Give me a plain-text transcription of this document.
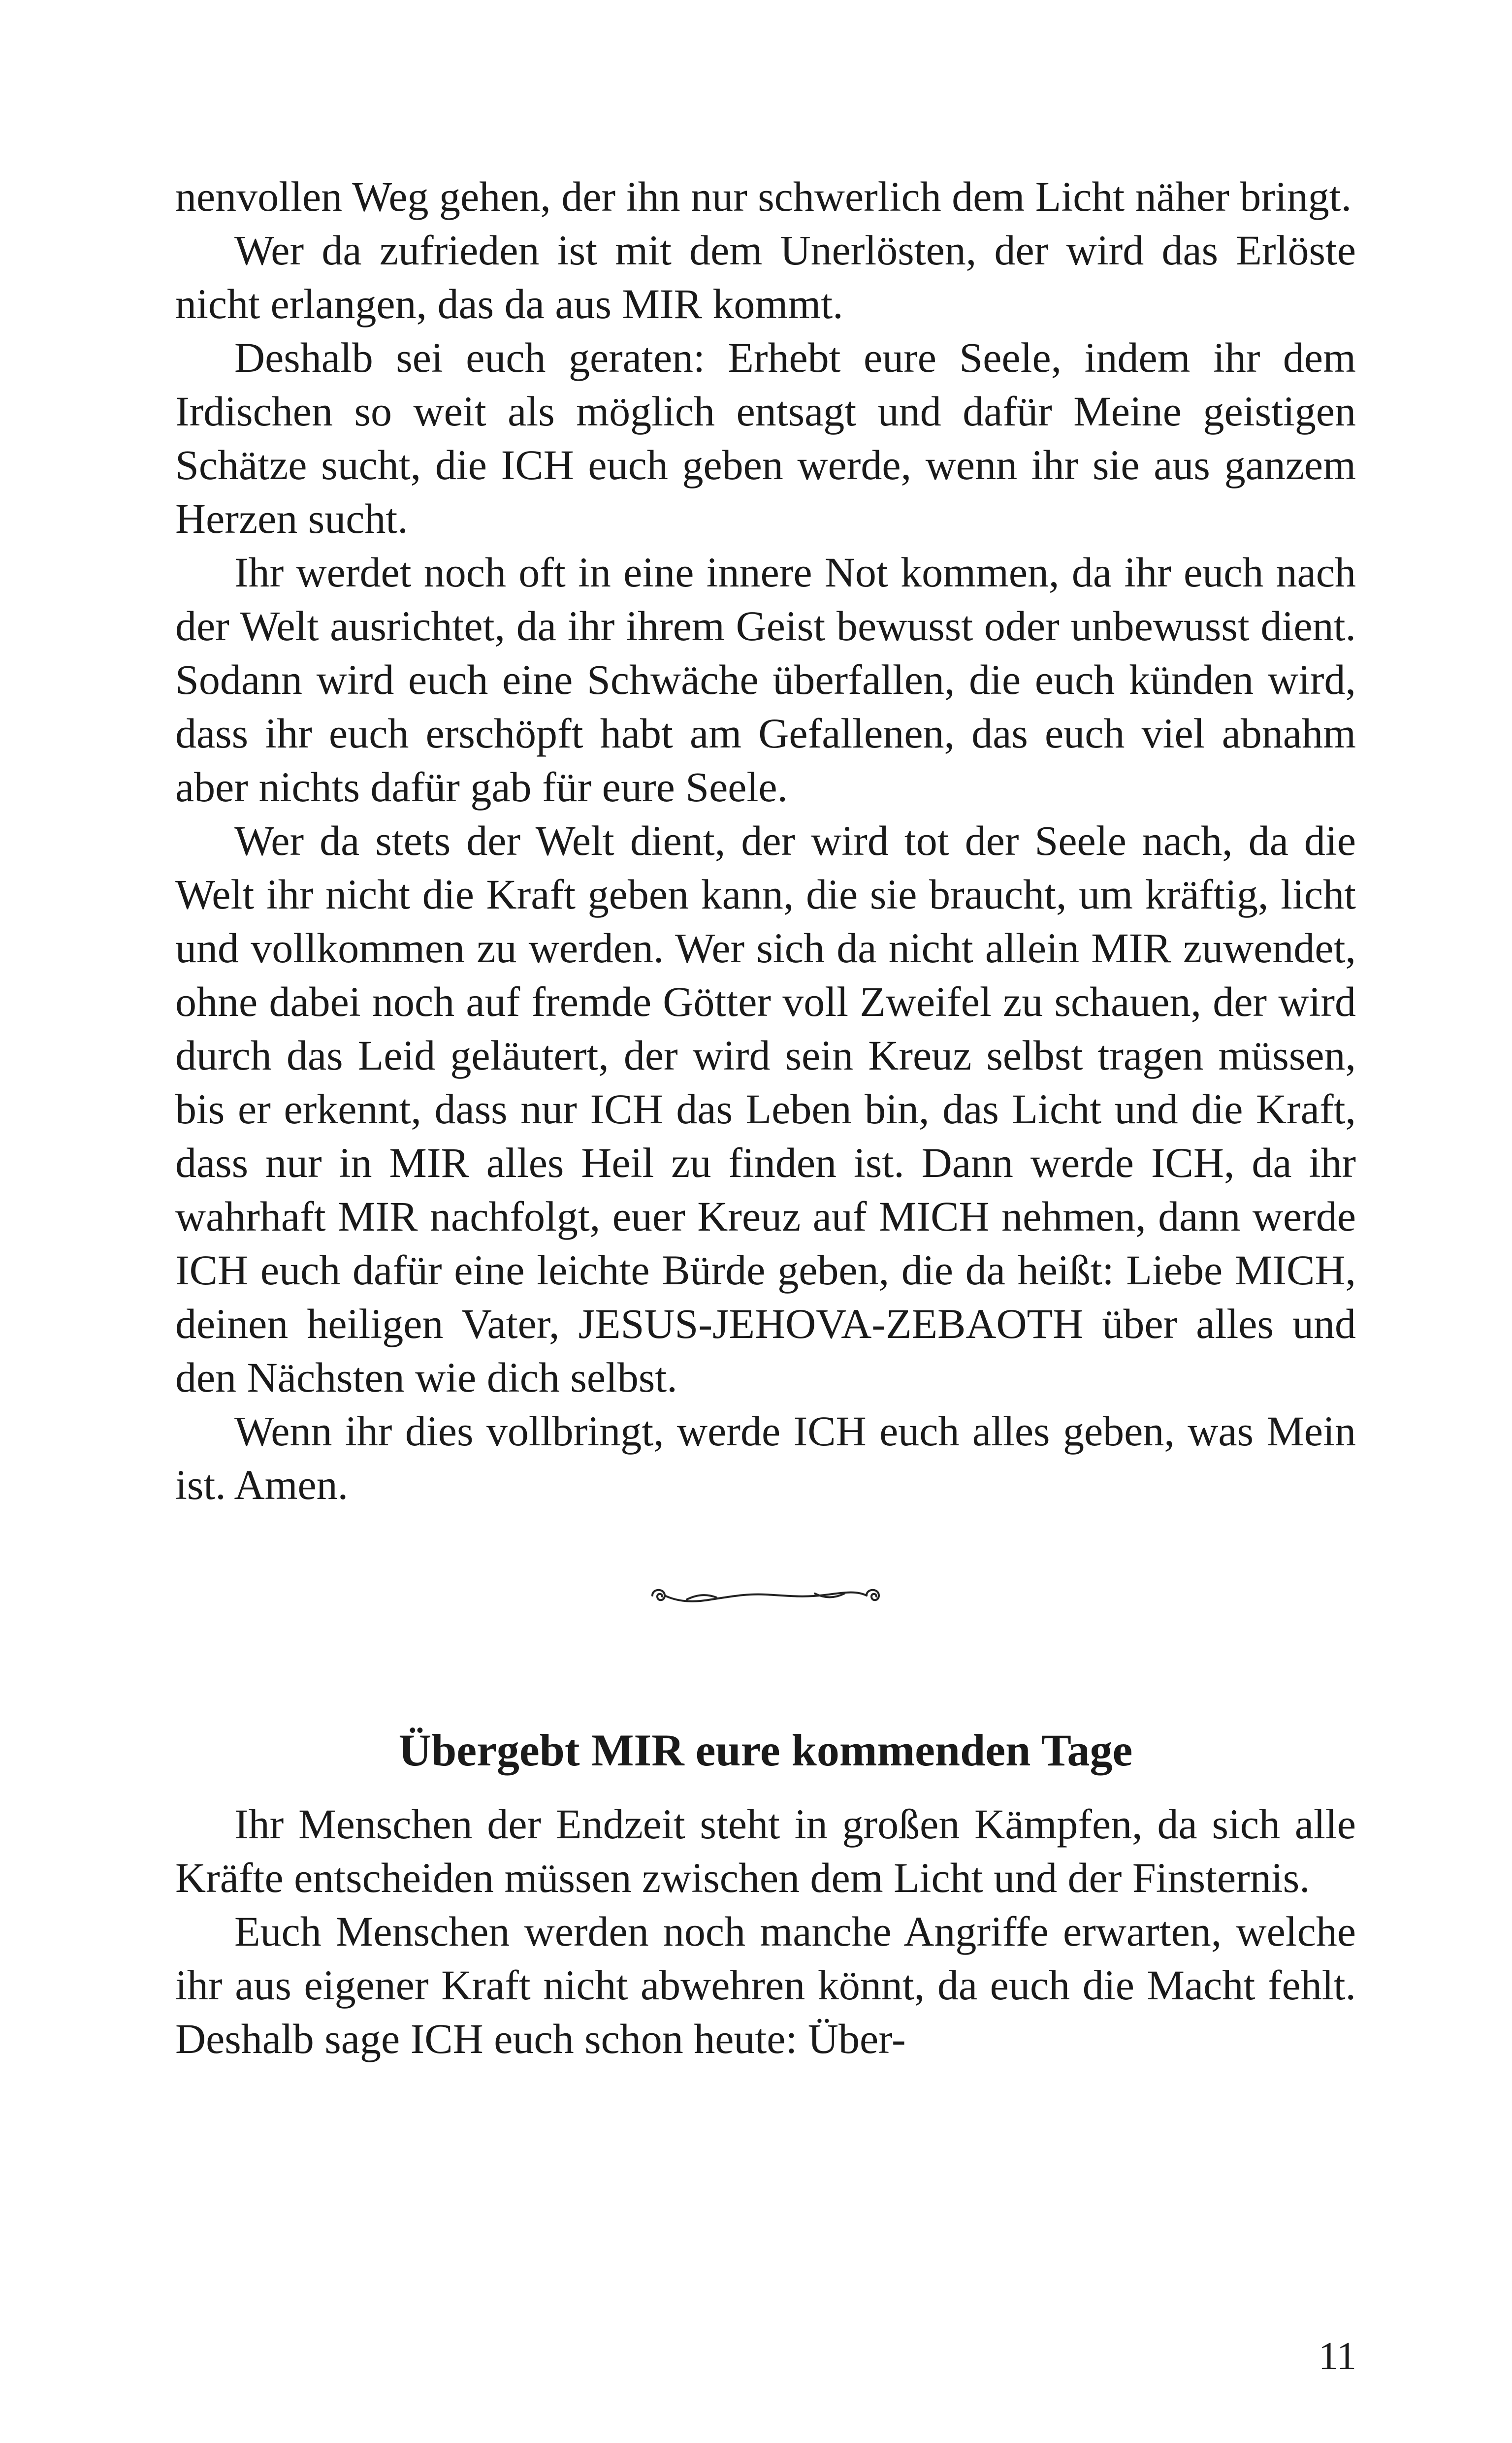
nenvollen Weg gehen, der ihn nur schwerlich dem Licht näher bringt.

Wer da zufrieden ist mit dem Unerlösten, der wird das Erlöste nicht erlangen, das da aus MIR kommt.

Deshalb sei euch geraten: Erhebt eure Seele, indem ihr dem Irdischen so weit als möglich entsagt und dafür Meine geistigen Schätze sucht, die ICH euch geben werde, wenn ihr sie aus ganzem Herzen sucht.

Ihr werdet noch oft in eine innere Not kommen, da ihr euch nach der Welt ausrichtet, da ihr ihrem Geist bewusst oder unbewusst dient. Sodann wird euch eine Schwäche überfallen, die euch künden wird, dass ihr euch erschöpft habt am Gefallenen, das euch viel abnahm aber nichts dafür gab für eure Seele.

Wer da stets der Welt dient, der wird tot der Seele nach, da die Welt ihr nicht die Kraft geben kann, die sie braucht, um kräftig, licht und vollkommen zu werden. Wer sich da nicht allein MIR zuwendet, ohne dabei noch auf fremde Götter voll Zweifel zu schauen, der wird durch das Leid geläutert, der wird sein Kreuz selbst tragen müssen, bis er erkennt, dass nur ICH das Leben bin, das Licht und die Kraft, dass nur in MIR alles Heil zu finden ist. Dann werde ICH, da ihr wahrhaft MIR nachfolgt, euer Kreuz auf MICH nehmen, dann werde ICH euch dafür eine leichte Bürde geben, die da heißt: Liebe MICH, deinen heiligen Vater, JESUS-JEHOVA-ZEBAOTH über alles und den Nächsten wie dich selbst.

Wenn ihr dies vollbringt, werde ICH euch alles geben, was Mein ist. Amen.

Übergebt MIR eure kommenden Tage

Ihr Menschen der Endzeit steht in großen Kämpfen, da sich alle Kräfte entscheiden müssen zwischen dem Licht und der Finsternis.

Euch Menschen werden noch manche Angriffe erwarten, welche ihr aus eigener Kraft nicht abwehren könnt, da euch die Macht fehlt. Deshalb sage ICH euch schon heute: Über-

11
